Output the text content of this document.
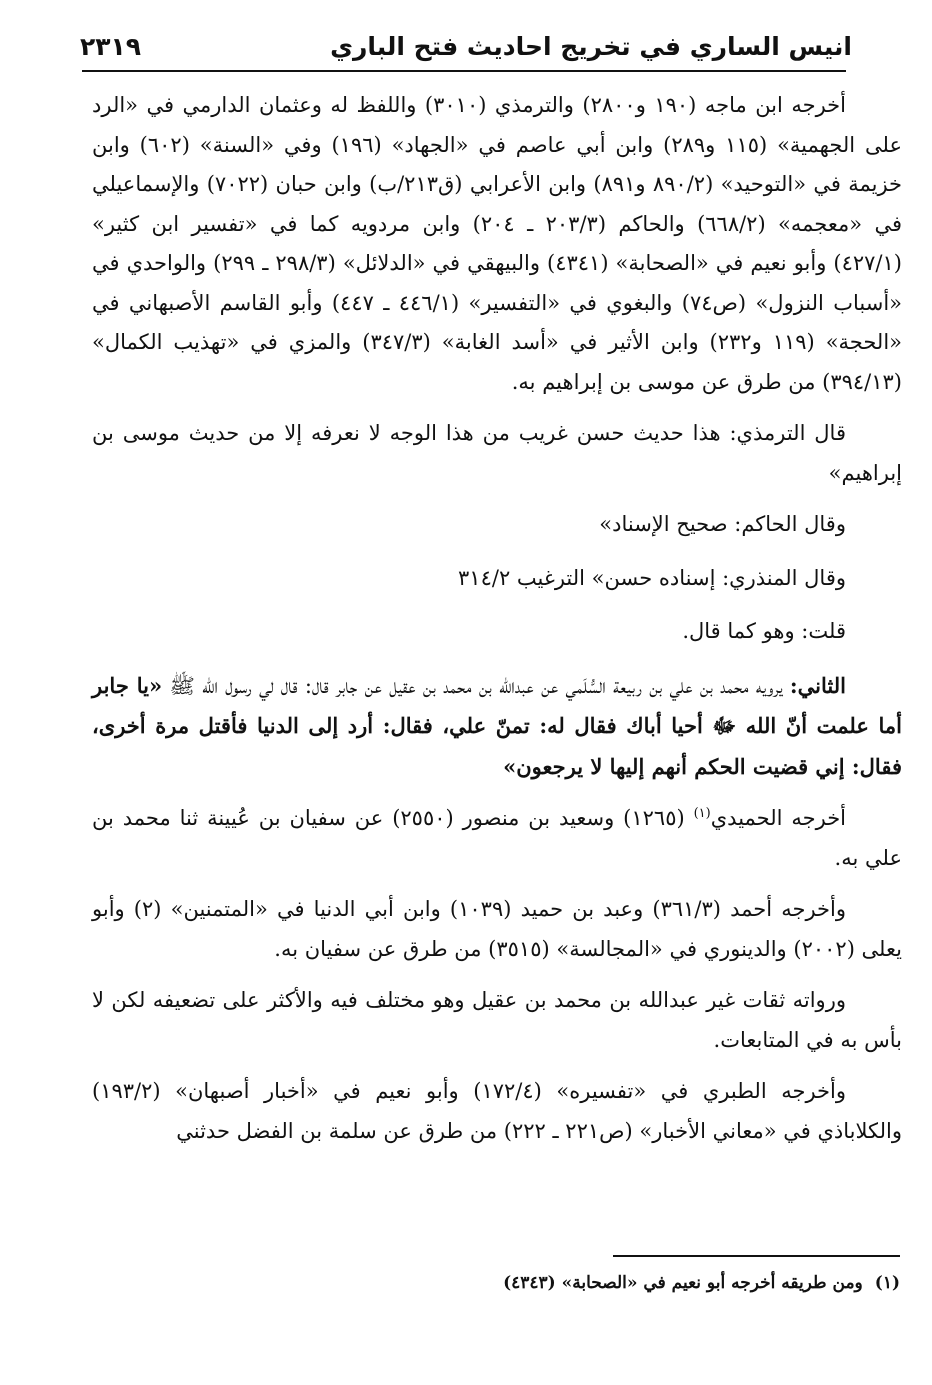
انيس الساري في تخريج احاديث فتح الباري
٢٣١٩

أخرجه ابن ماجه (١٩٠ و٢٨٠٠) والترمذي (٣٠١٠) واللفظ له وعثمان الدارمي في «الرد على الجهمية» (١١٥ و٢٨٩) وابن أبي عاصم في «الجهاد» (١٩٦) وفي «السنة» (٦٠٢) وابن خزيمة في «التوحيد» (٨٩٠/٢ و٨٩١) وابن الأعرابي (ق٢١٣/ب) وابن حبان (٧٠٢٢) والإسماعيلي في «معجمه» (٦٦٨/٢) والحاكم (٢٠٣/٣ ـ ٢٠٤) وابن مردويه كما في «تفسير ابن كثير» (٤٢٧/١) وأبو نعيم في «الصحابة» (٤٣٤١) والبيهقي في «الدلائل» (٢٩٨/٣ ـ ٢٩٩) والواحدي في «أسباب النزول» (ص٧٤) والبغوي في «التفسير» (٤٤٦/١ ـ ٤٤٧) وأبو القاسم الأصبهاني في «الحجة» (١١٩ و٢٣٢) وابن الأثير في «أسد الغابة» (٣٤٧/٣) والمزي في «تهذيب الكمال» (٣٩٤/١٣) من طرق عن موسى بن إبراهيم به.

قال الترمذي: هذا حديث حسن غريب من هذا الوجه لا نعرفه إلا من حديث موسى بن إبراهيم»

وقال الحاكم: صحيح الإسناد»

وقال المنذري: إسناده حسن» الترغيب ٣١٤/٢

قلت: وهو كما قال.

الثاني: يرويه محمد بن علي بن ربيعة السُّلَمي عن عبدالله بن محمد بن عقيل عن جابر قال: قال لي رسول الله ﷺ «يا جابر أما علمت أنّ الله ﷻ أحيا أباك فقال له: تمنّ علي، فقال: أرد إلى الدنيا فأقتل مرة أخرى، فقال: إني قضيت الحكم أنهم إليها لا يرجعون»

أخرجه الحميدي$^{(١)}$ (١٢٦٥) وسعيد بن منصور (٢٥٥٠) عن سفيان بن عُيينة ثنا محمد بن علي به.

وأخرجه أحمد (٣٦١/٣) وعبد بن حميد (١٠٣٩) وابن أبي الدنيا في «المتمنين» (٢) وأبو يعلى (٢٠٠٢) والدينوري في «المجالسة» (٣٥١٥) من طرق عن سفيان به.

ورواته ثقات غير عبدالله بن محمد بن عقيل وهو مختلف فيه والأكثر على تضعيفه لكن لا بأس به في المتابعات.

وأخرجه الطبري في «تفسيره» (١٧٢/٤) وأبو نعيم في «أخبار أصبهان» (١٩٣/٢) والكلاباذي في «معاني الأخبار» (ص٢٢١ ـ ٢٢٢) من طرق عن سلمة بن الفضل حدثني

(١)ومن طريقه أخرجه أبو نعيم في «الصحابة» (٤٣٤٣)
